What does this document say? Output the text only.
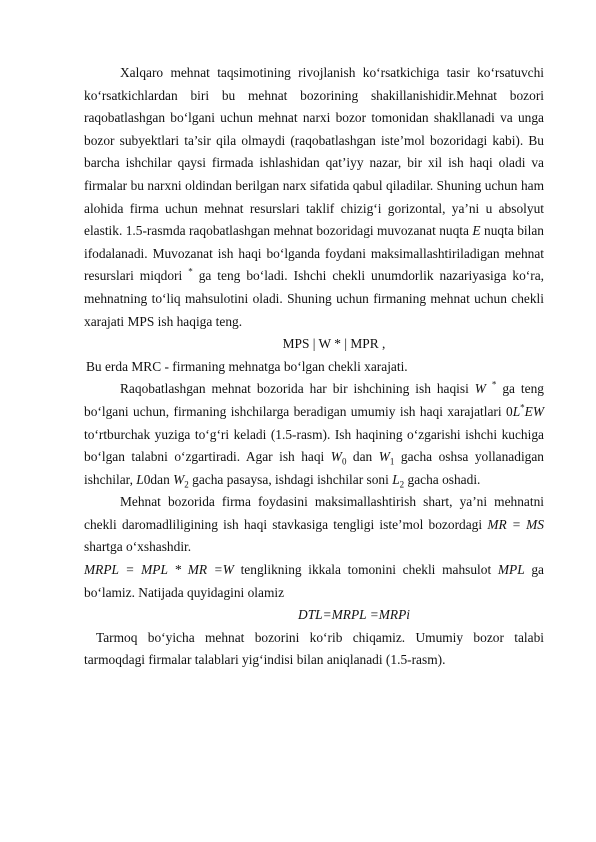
Xalqaro mehnat taqsimotining rivojlanish ko‘rsatkichiga tasir ko‘rsatuvchi ko‘rsatkichlardan biri bu mehnat bozorining shakillanishidir.Mehnat bozori raqobatlashgan bo‘lgani uchun mehnat narxi bozor tomonidan shakllanadi va unga bozor subyektlari ta’sir qila olmaydi (raqobatlashgan iste’mol bozoridagi kabi). Bu barcha ishchilar qaysi firmada ishlashidan qat’iyy nazar, bir xil ish haqi oladi va firmalar bu narxni oldindan berilgan narx sifatida qabul qiladilar. Shuning uchun ham alohida firma uchun mehnat resurslari taklif chizig‘i gorizontal, ya’ni u absolyut elastik. 1.5-rasmda raqobatlashgan mehnat bozoridagi muvozanat nuqta E nuqta bilan ifodalanadi. Muvozanat ish haqi bo‘lganda foydani maksimallashtiriladigan mehnat resurslari miqdori * ga teng bo‘ladi. Ishchi chekli unumdorlik nazariyasiga ko‘ra, mehnatning to‘liq mahsulotini oladi. Shuning uchun firmaning mehnat uchun chekli xarajati MPS ish haqiga teng.

MPS | W * | MPR ,

Bu erda MRC - firmaning mehnatga bo‘lgan chekli xarajati.

Raqobatlashgan mehnat bozorida har bir ishchining ish haqisi W * ga teng bo‘lgani uchun, firmaning ishchilarga beradigan umumiy ish haqi xarajatlari 0L*EW to‘rtburchak yuziga to‘g‘ri keladi (1.5-rasm). Ish haqining o‘zgarishi ishchi kuchiga bo‘lgan talabni o‘zgartiradi. Agar ish haqi $W_0$ dan $W_1$ gacha oshsa yollanadigan ishchilar, L0dan $W_2$ gacha pasaysa, ishdagi ishchilar soni $L_2$ gacha oshadi.

Mehnat bozorida firma foydasini maksimallashtirish shart, ya’ni mehnatni chekli daromadliligining ish haqi stavkasiga tengligi iste’mol bozordagi MR = MS shartga o‘xshashdir.

MRPL = MPL * MR =W tenglikning ikkala tomonini chekli mahsulot MPL ga bo‘lamiz. Natijada quyidagini olamiz

DTL=MRPL =MRPi

Tarmoq bo‘yicha mehnat bozorini ko‘rib chiqamiz. Umumiy bozor talabi tarmoqdagi firmalar talablari yig‘indisi bilan aniqlanadi (1.5-rasm).
